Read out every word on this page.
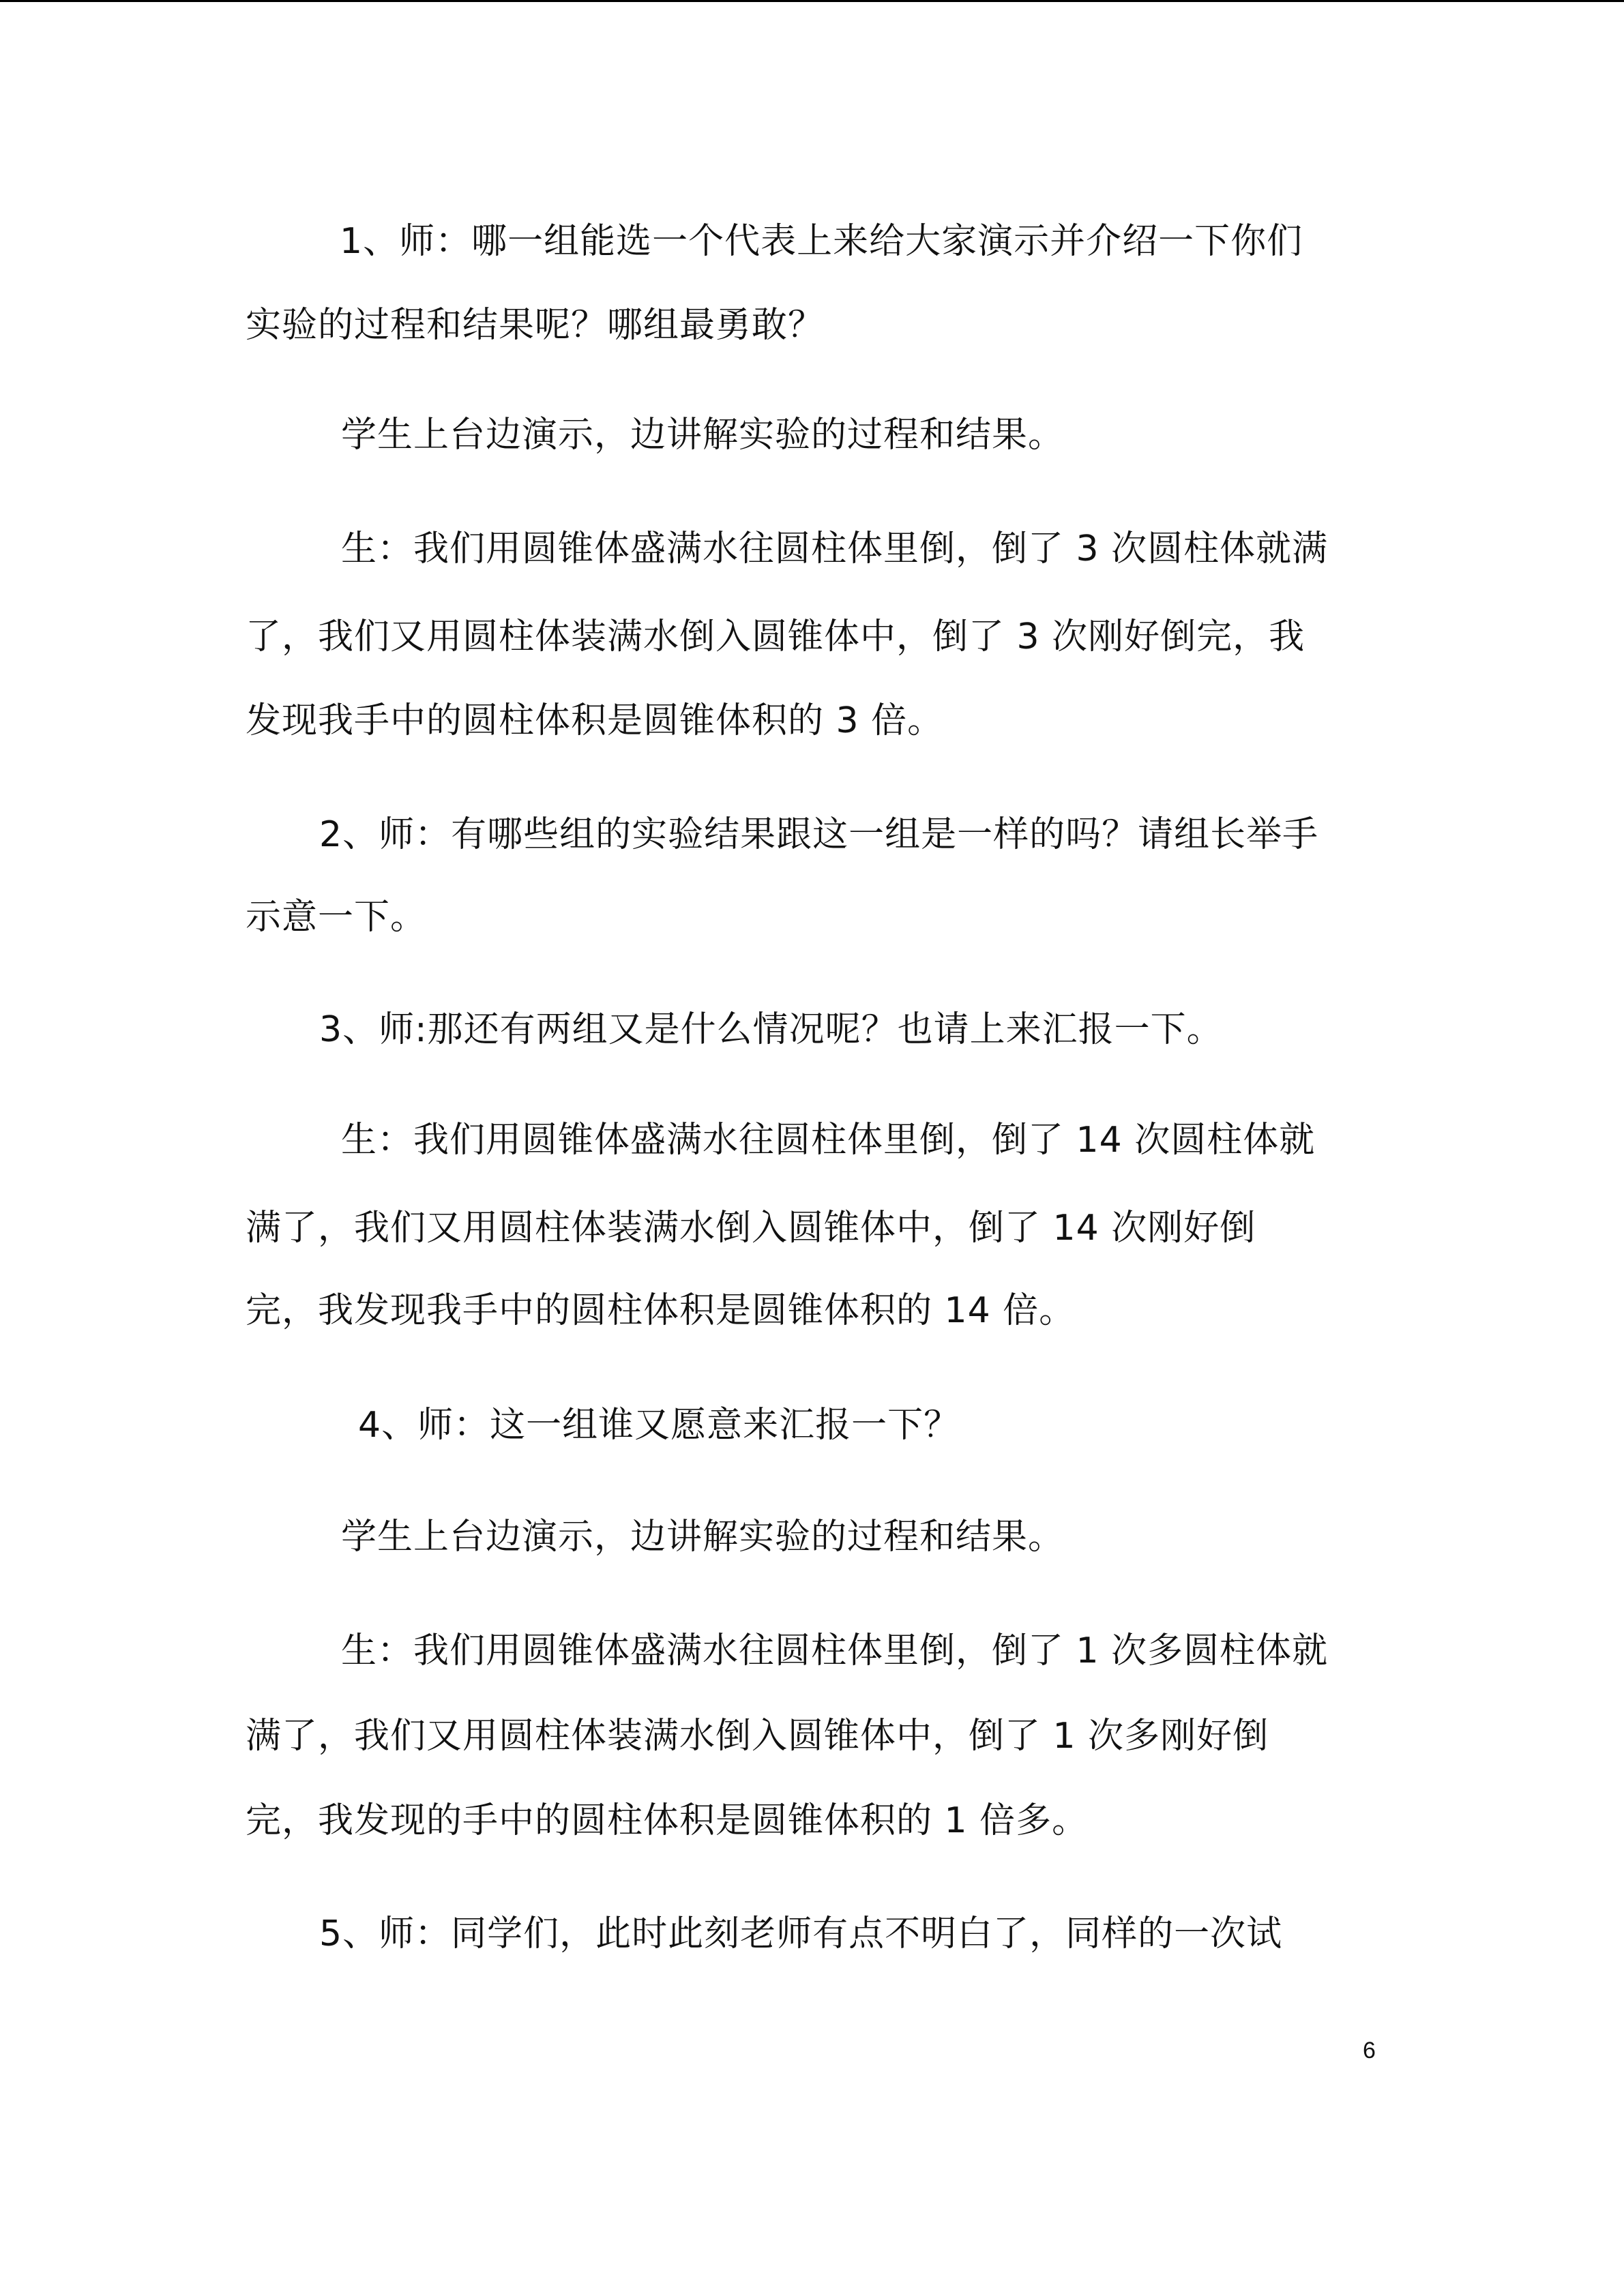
1、师：哪一组能选一个代表上来给大家演示并介绍一下你们
实验的过程和结果呢？哪组最勇敢？
学生上台边演示，边讲解实验的过程和结果。
生：我们用圆锥体盛满水往圆柱体里倒，倒了 3 次圆柱体就满
了，我们又用圆柱体装满水倒入圆锥体中，倒了 3 次刚好倒完，我
发现我手中的圆柱体积是圆锥体积的 3 倍。
2、师：有哪些组的实验结果跟这一组是一样的吗？请组长举手
示意一下。
3、师:那还有两组又是什么情况呢？也请上来汇报一下。
生：我们用圆锥体盛满水往圆柱体里倒，倒了 14 次圆柱体就
满了，我们又用圆柱体装满水倒入圆锥体中，倒了 14 次刚好倒
完，我发现我手中的圆柱体积是圆锥体积的 14 倍。
4、师：这一组谁又愿意来汇报一下？
学生上台边演示，边讲解实验的过程和结果。
生：我们用圆锥体盛满水往圆柱体里倒，倒了 1 次多圆柱体就
满了，我们又用圆柱体装满水倒入圆锥体中，倒了 1 次多刚好倒
完，我发现的手中的圆柱体积是圆锥体积的 1 倍多。
5、师：同学们，此时此刻老师有点不明白了，同样的一次试
6
